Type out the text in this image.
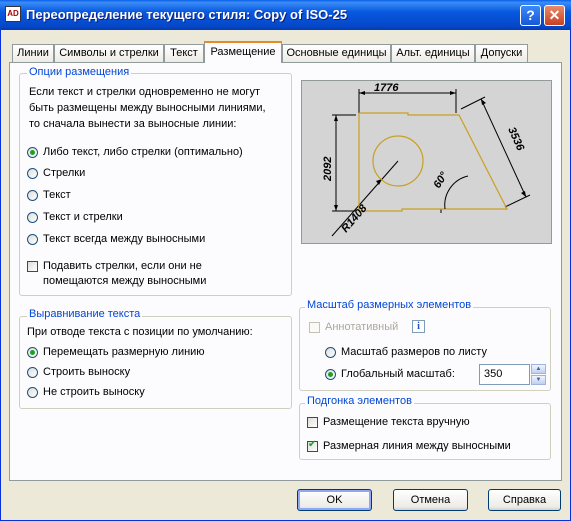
AD Переопределение текущего стиля: Copy of ISO-25	? ✕
Линии Символы и стрелки	Текст	Размещение Основные единицы Альт. единицы	Допуски
Опции размещения
Если текст и стрелки одновременно не могут
быть размещены между выносными линиями,
то сначала вынести за выносные линии:
Либо текст, либо стрелки (оптимально)
Стрелки
Текст
Текст и стрелки
Текст всегда между выносными
Подавить стрелки, если они не
помещаются между выносными
Выравнивание текста
При отводе текста с позиции по умолчанию:
Перемещать размерную линию
Строить выноску
Не строить выноску
1776
2092
3536
60°
R1408
Масштаб размерных элементов
Аннотативный	i
Масштаб размеров по листу
Глобальный масштаб:	350	▲
▼
Подгонка элементов
Размещение текста вручную
✔
Размерная линия между выносными
OK	Отмена	Справка
